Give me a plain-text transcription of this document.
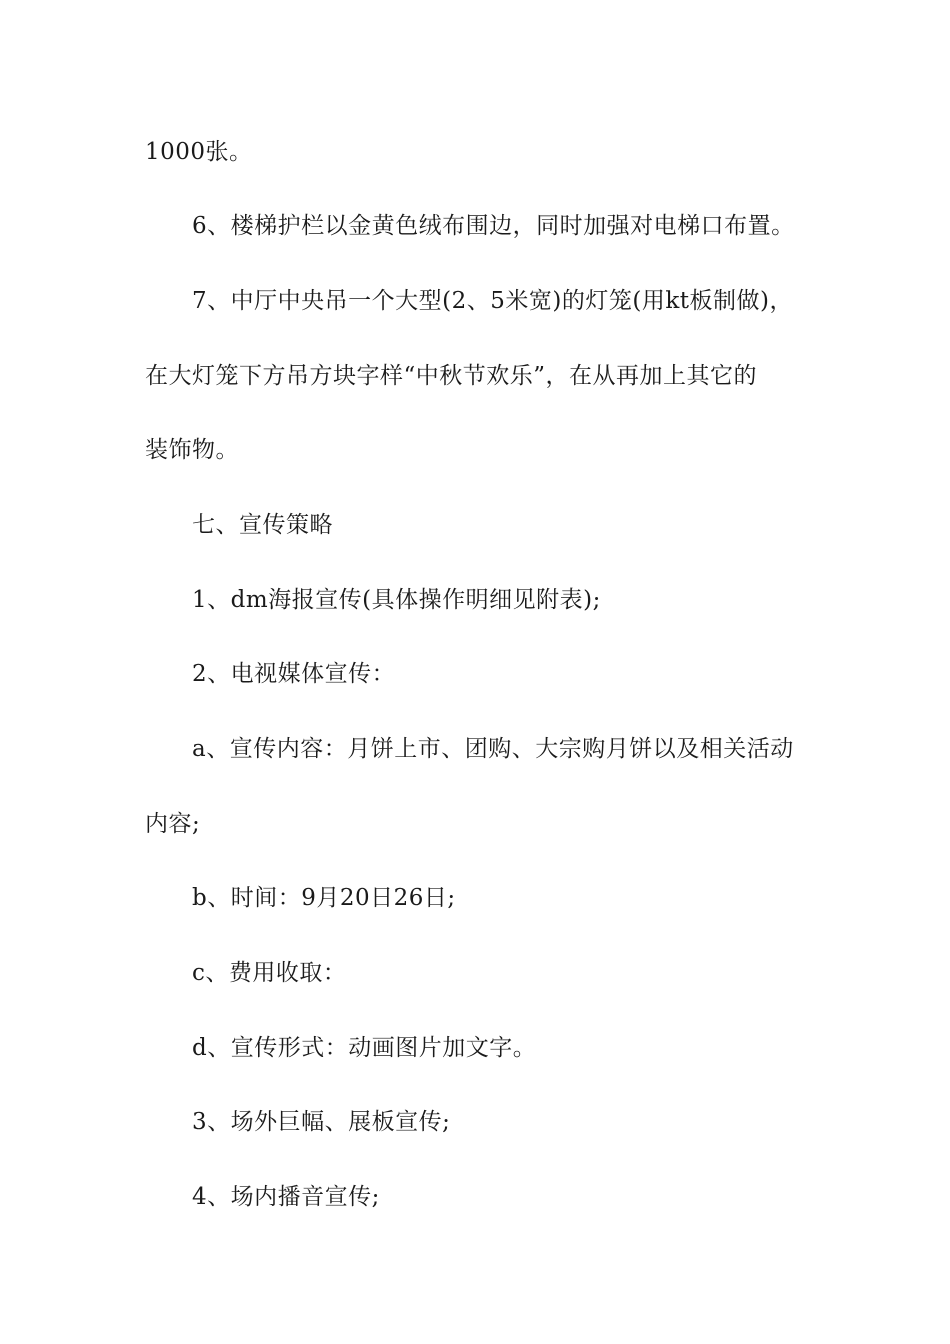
1000张。
6、楼梯护栏以金黄色绒布围边，同时加强对电梯口布置。
7、中厅中央吊一个大型(2、5米宽)的灯笼(用kt板制做)，
在大灯笼下方吊方块字样“中秋节欢乐”，在从再加上其它的
装饰物。
七、宣传策略
1、dm海报宣传(具体操作明细见附表);
2、电视媒体宣传：
a、宣传内容：月饼上市、团购、大宗购月饼以及相关活动
内容;
b、时间：9月20日26日;
c、费用收取：
d、宣传形式：动画图片加文字。
3、场外巨幅、展板宣传;
4、场内播音宣传;
